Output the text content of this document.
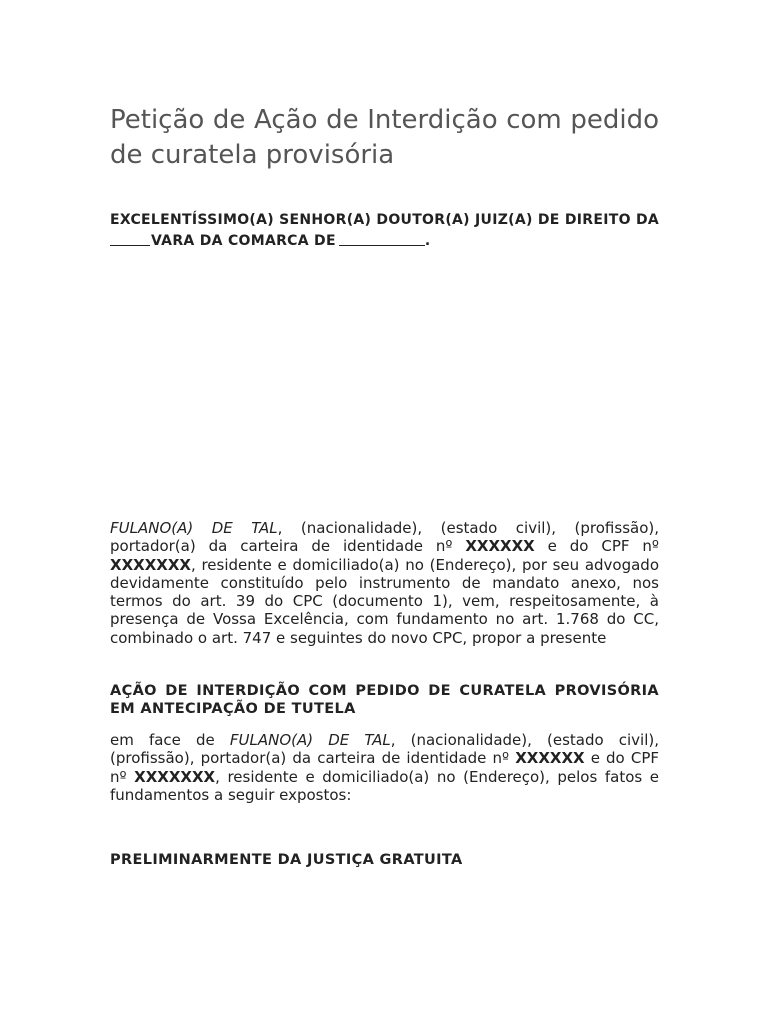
Petição de Ação de Interdição com pedido de curatela provisória

EXCELENTÍSSIMO(A) SENHOR(A) DOUTOR(A) JUIZ(A) DE DIREITO DA VARA DA COMARCA DE	.

FULANO(A) DE TAL, (nacionalidade), (estado civil), (profissão), portador(a) da carteira de identidade nº XXXXXX e do CPF nº XXXXXXX, residente e domiciliado(a) no (Endereço), por seu advogado devidamente constituído pelo instrumento de mandato anexo, nos termos do art. 39 do CPC (documento 1), vem, respeitosamente, à presença de Vossa Excelência, com fundamento no art. 1.768 do CC, combinado o art. 747 e seguintes do novo CPC, propor a presente

AÇÃO DE INTERDIÇÃO COM PEDIDO DE CURATELA PROVISÓRIA EM ANTECIPAÇÃO DE TUTELA

em face de FULANO(A) DE TAL, (nacionalidade), (estado civil), (profissão), portador(a) da carteira de identidade nº XXXXXX e do CPF nº XXXXXXX, residente e domiciliado(a) no (Endereço), pelos fatos e fundamentos a seguir expostos:

PRELIMINARMENTE DA JUSTIÇA GRATUITA
